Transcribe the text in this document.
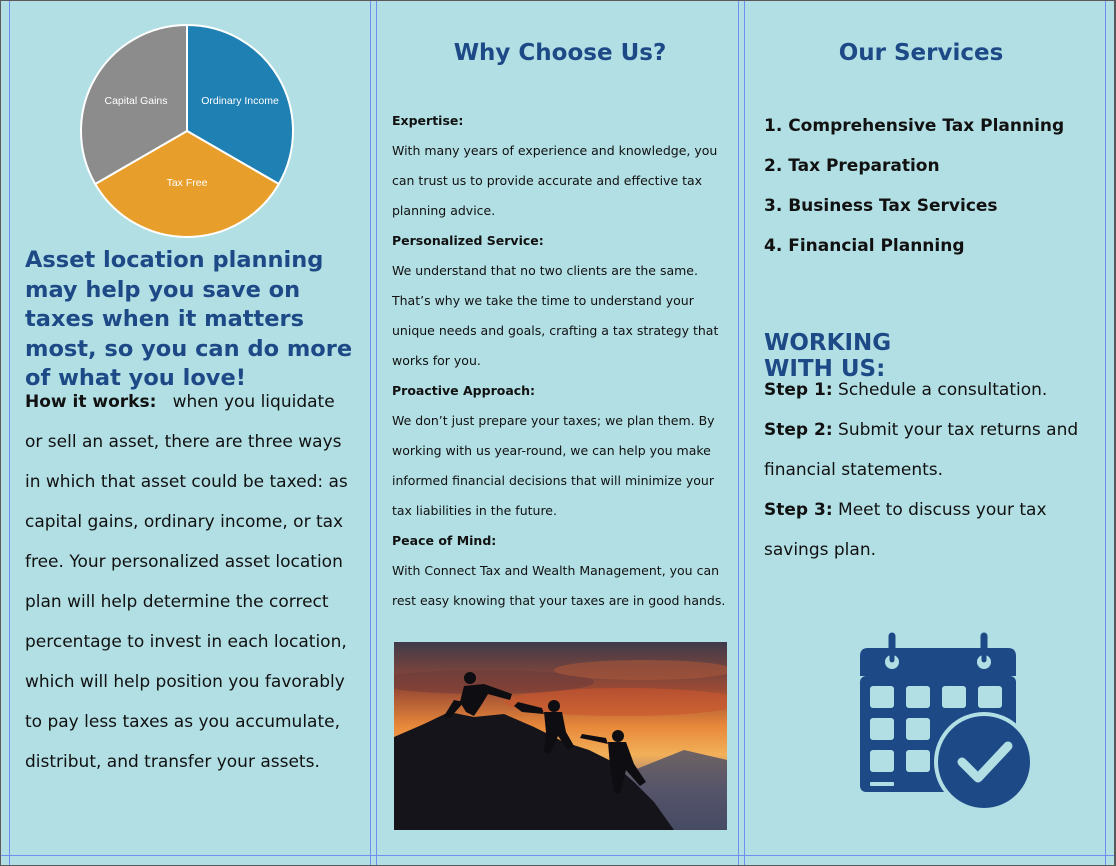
Capital Gains	Ordinary Income
Tax Free
Asset location planning may help you save on taxes when it matters most, so you can do more of what you love!
How it works: when you liquidate or sell an asset, there are three ways in which that asset could be taxed: as capital gains, ordinary income, or tax free. Your personalized asset location plan will help determine the correct percentage to invest in each location, which will help position you favorably to pay less taxes as you accumulate, distribut, and transfer your assets.
Why Choose Us?
Expertise:
With many years of experience and knowledge, you can trust us to provide accurate and effective tax planning advice.
Personalized Service:
We understand that no two clients are the same. That’s why we take the time to understand your unique needs and goals, crafting a tax strategy that works for you.
Proactive Approach:
We don’t just prepare your taxes; we plan them. By working with us year-round, we can help you make informed financial decisions that will minimize your tax liabilities in the future.
Peace of Mind:
With Connect Tax and Wealth Management, you can rest easy knowing that your taxes are in good hands.
Our Services
1. Comprehensive Tax Planning
2. Tax Preparation
3. Business Tax Services
4. Financial Planning
WORKING WITH US:
Step 1: Schedule a consultation.
Step 2: Submit your tax returns and financial statements.
Step 3: Meet to discuss your tax savings plan.
